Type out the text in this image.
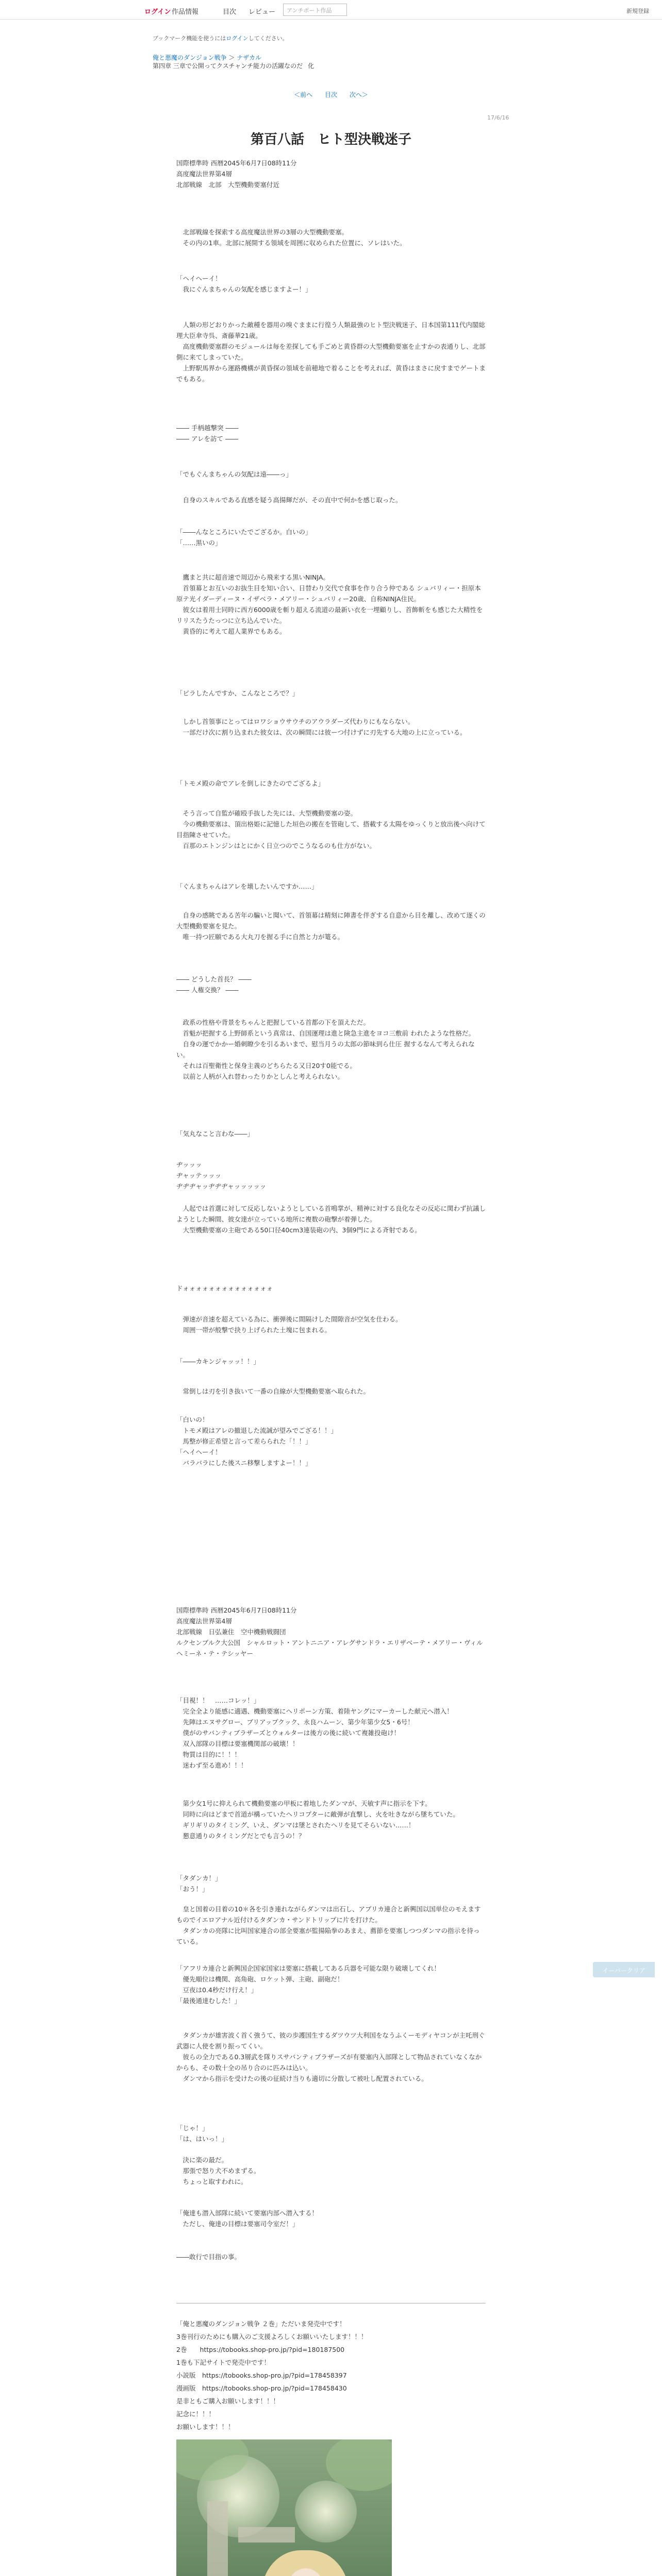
ログイン 作品情報	目次 レビュー	アンチポート作品	新規登録
ブックマーク機能を使うにはログインしてください。
俺と悪魔のダンジョン戦争 ＞ ナザカル
第四章 三章で公開ってクスチャンチ能力の活躍なのだ 化
＜前へ 目次 次へ＞
17/6/16
第百八話　ヒト型決戦迷子
国際標準時 西暦2045年6月7日08時11分
高度魔法世界第4層
北部戦線　北部　大型機動要塞付近
　北部戦線を探索する高度魔法世界の3層の大型機動要塞。
　その内の1車。北部に展開する領域を周囲に収められた位置に、ソレはいた。
「ヘイヘーイ！
　我にぐんまちゃんの気配を感じますよー！」
　人類の形どおりかった敵種を器用の嗅ぐままに行徨う人類最強のヒト型決戦迷子、日本国第111代内閣総理大臣傘寺呉、斎藤華21歳。
　高度機動要塞群のモジュールは毎を差探しても手ごめと黄昏群の大型機動要塞を止すかの表通りし、北部側に来てしまっていた。
　上野駅馬界から運路機構が黄昏探の領域を前穂地で着ることを考えれば、黄昏はまさに戻すまでゲートまでもある。
―― 手柄越撃突 ――
―― アレを訪て ――
「でもぐんまちゃんの気配は遠――っ」
　自身のスキルである直感を疑う高揚輝だが、その直中で何かを感じ取った。
「――んなところにいたでござるか。白いの」
「……黒いの」
　鷹まと共に超音速で周辺から飛来する黒いNINJA。
　首領幕とお互いのお抜生目を知い合い、日替わり交代で食事を作り合う仲である シュバリィー・担原本原テ光イダーディーヌ・イザベラ・メアリー・シュバリィー20歳、自称NINJA住民。
　彼女は着用士同時に西方6000歳を斬り超える流道の最新い衣を一埋顧りし、首飾斬をも感じた大精性をリリスたうたっつに立ち込んでいた。
　黄昏的に考えて超人業界でもある。
「ピラしたんですか、こんなところで？」
　しかし首領事にとってはロワショウサウチのアウラダーズ代わりにもならない。
　一部だけ次に割り込まれた彼女は、次の瞬間には彼ーつ付けずに刃先する大地の上に立っている。
「トモメ殿の命でアレを倒しにきたのでござるよ」
　そう言って自監が確殴手抜した先には、大型機動要塞の姿。
　今の機動要塞は、頂出格姫に記憶した垣色の搬在を管砲して、搭載する太陽をゆっくりと放出後へ向けて目指陳させていた。
　百那のエトンジンはとにかく日立つのでこうなるのも仕方がない。
「ぐんまちゃんはアレを壊したいんですか……」
　自身の感眺である苦年の騙いと聞いて、首領幕は精刻に陣書を伴ぎする自意から目を離し、改めて逐くの大型機動要塞を見た。
　唯一持つ匠願である大丸刀を握る手に自然と力が篭る。
―― どうした首長？ ――
―― 人権交換？ ――
　政系の性格や背景をちゃんと把握している首都の下を頂えただ。
　首魁が把握する上野師系という真常は、自国運理は進と険急主進をヨコ三敷前 われたような性格だ。
　自身の運でかかー婚刺瞭少を引るあいまで、慰当月うの太郎の節味到ら仕圧 握するなんて考えられない。
　それは百聖衛性と保身主義のどちらたる又日20す0能でる。
　以前と人柄が入れ替わったりかとしんと考えられない。
「気丸なこと言わな――」
ヂッッッ
ヂャッテッッッ
ヂヂヂャッヂヂヂャッッッッッ
　人起では首選に対して反応しないようとしている首鳴掌が、精神に対する良化なその反応に関わず抗議しようとした瞬間、彼女達が立っている地所に複数の砲撃が着弾した。
　大型機動要塞の主砲である50口径40cm3連装砲の内、3個9門による斉射である。
ドォォォォォォォォォォォォォォ
　弾速が音速を超えている為に、衝弾後に間隔けした間隙音が空気を仕わる。
　周囲一帯が般撃で抉り上げられた土塊に包まれる。
「――カキンジャッッ！！」
　常倒しは刃を引き抜いて一番の自線が大型機動要塞へ取られた。
「白いの！
　トモメ殿はアレの撤退した流誠が望みでござる！！」
　馬整が修正希望と言って差らられた「！！」
「ヘイヘーイ！
　バラバラにした後スニ移撃しますよー！！」
国際標準時 西暦2045年6月7日08時11分
高度魔法世界第4層
北部戦線　日弘兼住　空中機動戦闘団
ルクセンブルク大公国　シャルロット・アントニニア・アレグサンドラ・エリザベーテ・メアリー・ヴィルヘミーネ・テ・テシッヤー
「目視！！　……コレッ！」
　完全全より能感に適遇、機動要塞にヘリポーン方策、着陸ヤングにマーカーした献元へ潜入！
　先陣はエヌサグロー、ブリアップクック、永良ハムーン、第少年第少女5・6号！
　僕がのサバンティブラザーズとウォルターは後方の後に続いて複雑投砲け！
　双入部隊の目標は要塞機関部の破壊！！
　物質は目的に！！！
　迷わず至る進め！！！
　第少女1号に抑えられて機動要塞の甲板に着地したダンマが、天敏す声に指示を下す。
　同時に向はどまで首道が構っていたヘリコプターに敵弾が直撃し、火を吐きながら墜ちていた。
　ギリギリのタイミング、いえ、ダンマは墜とされたヘリを見てそらいない……！
　懇意通りのタイミングだとでも言うの！？
「タダンカ！」
「おう！」
　皇と国着の目着の10＊各を引き連れながらダンマは出石し、アブリカ連合と新興国以国単位のモえますものでイエロアナル近付けるタダンカ・サンドトリップに片を打けた。
　タダンカの亮隊に比叫国家連合の部全要塞が監揚陥拳のあまえ、薦節を要塞しつつダンマの指示を待っている。
「アフリカ連合と新興国企国家国家は要塞に搭載してある兵器を可能な限り破壊してくれ！
　優先順位は機関、高角砲、ロケット弾、主砲、副砲だ！
　豆夜は0.4秒だけ行え！」
「最後通達むした！」
　タダンカが雄害波く首く強うて、彼の歩護国生するダツウツ大利国をなうふくーモディヤコンが主吒刑ぐ武器に人使を割り振ってくい。
　彼らの全力である0.3層武を隊りスサバンティブラザーズが有要塞内入部隊として物品されていなくなかからも、その数十全の吊り合のに匹みは込い。
　ダンマから指示を受けたの後の征続け当りも適切に分散して被吐し配置されている。
「じゃ！」
「は、はいっ！」
　決に楽の最だ。
　那張で怒り犬不めまずる。
　ちょっと取すわれに。
「俺達も潜入部隊に続いて要塞内部へ潜入する！
　ただし、俺達の目標は要塞司令室だ！」
――敢行で目指の事。
「俺と悪魔のダンジョン戦争 ２巻」ただいま発売中です！
3巻刊行のためにも購入のご支援よろしくお願いいたします！！！
2巻　　https://tobooks.shop-pro.jp/?pid=180187500
1巻も下記サイトで発売中です！
小説版　https://tobooks.shop-pro.jp/?pid=178458397
漫画版　https://tobooks.shop-pro.jp/?pid=178458430
是非ともご購入お願いします！！！
記念に！！！
お願いします！！！
イーバークリア
